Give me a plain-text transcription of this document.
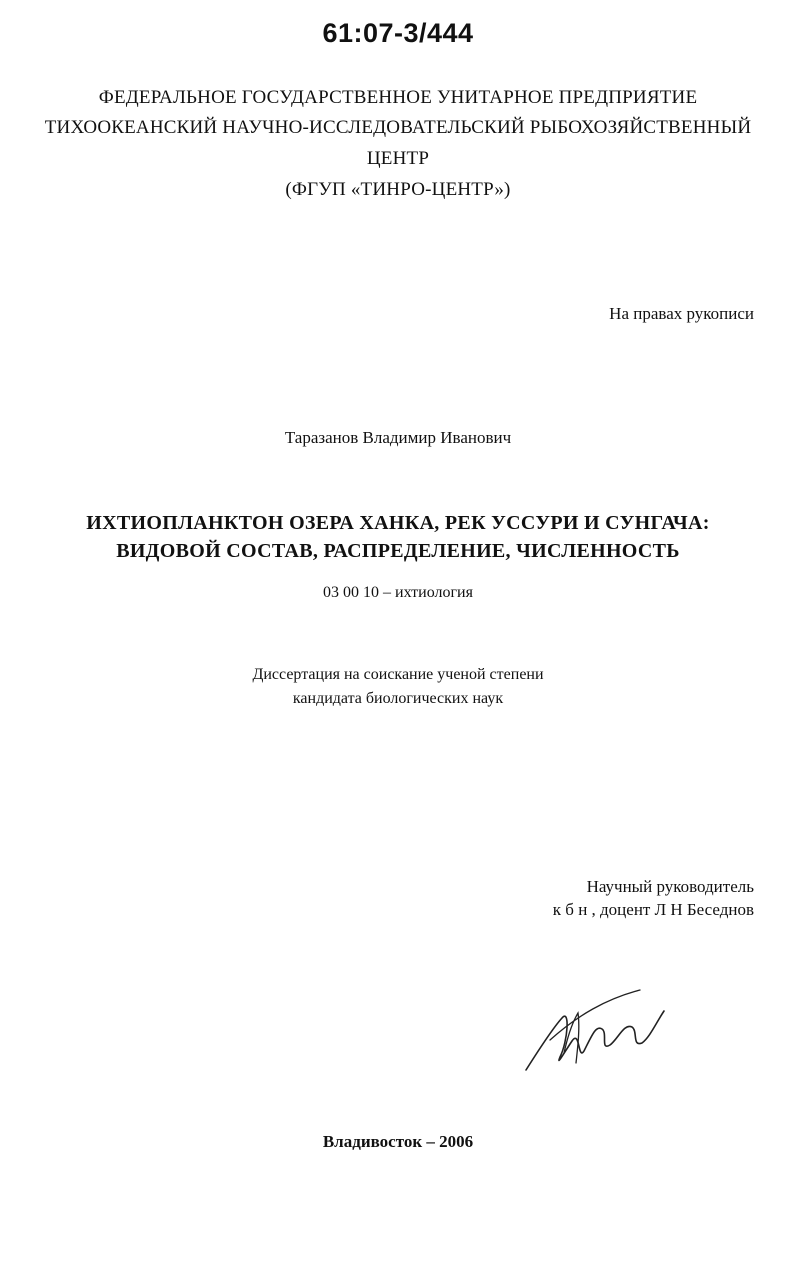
61:07-3/444
ФЕДЕРАЛЬНОЕ ГОСУДАРСТВЕННОЕ УНИТАРНОЕ ПРЕДПРИЯТИЕ
ТИХООКЕАНСКИЙ НАУЧНО-ИССЛЕДОВАТЕЛЬСКИЙ РЫБОХОЗЯЙСТВЕННЫЙ
ЦЕНТР
(ФГУП «ТИНРО-ЦЕНТР»)
На правах рукописи
Таразанов Владимир Иванович
ИХТИОПЛАНКТОН ОЗЕРА ХАНКА, РЕК УССУРИ И СУНГАЧА:
ВИДОВОЙ СОСТАВ, РАСПРЕДЕЛЕНИЕ, ЧИСЛЕННОСТЬ
03 00 10 – ихтиология
Диссертация на соискание ученой степени
кандидата биологических наук
Научный руководитель
к б н , доцент Л Н Беседнов
Владивосток – 2006
